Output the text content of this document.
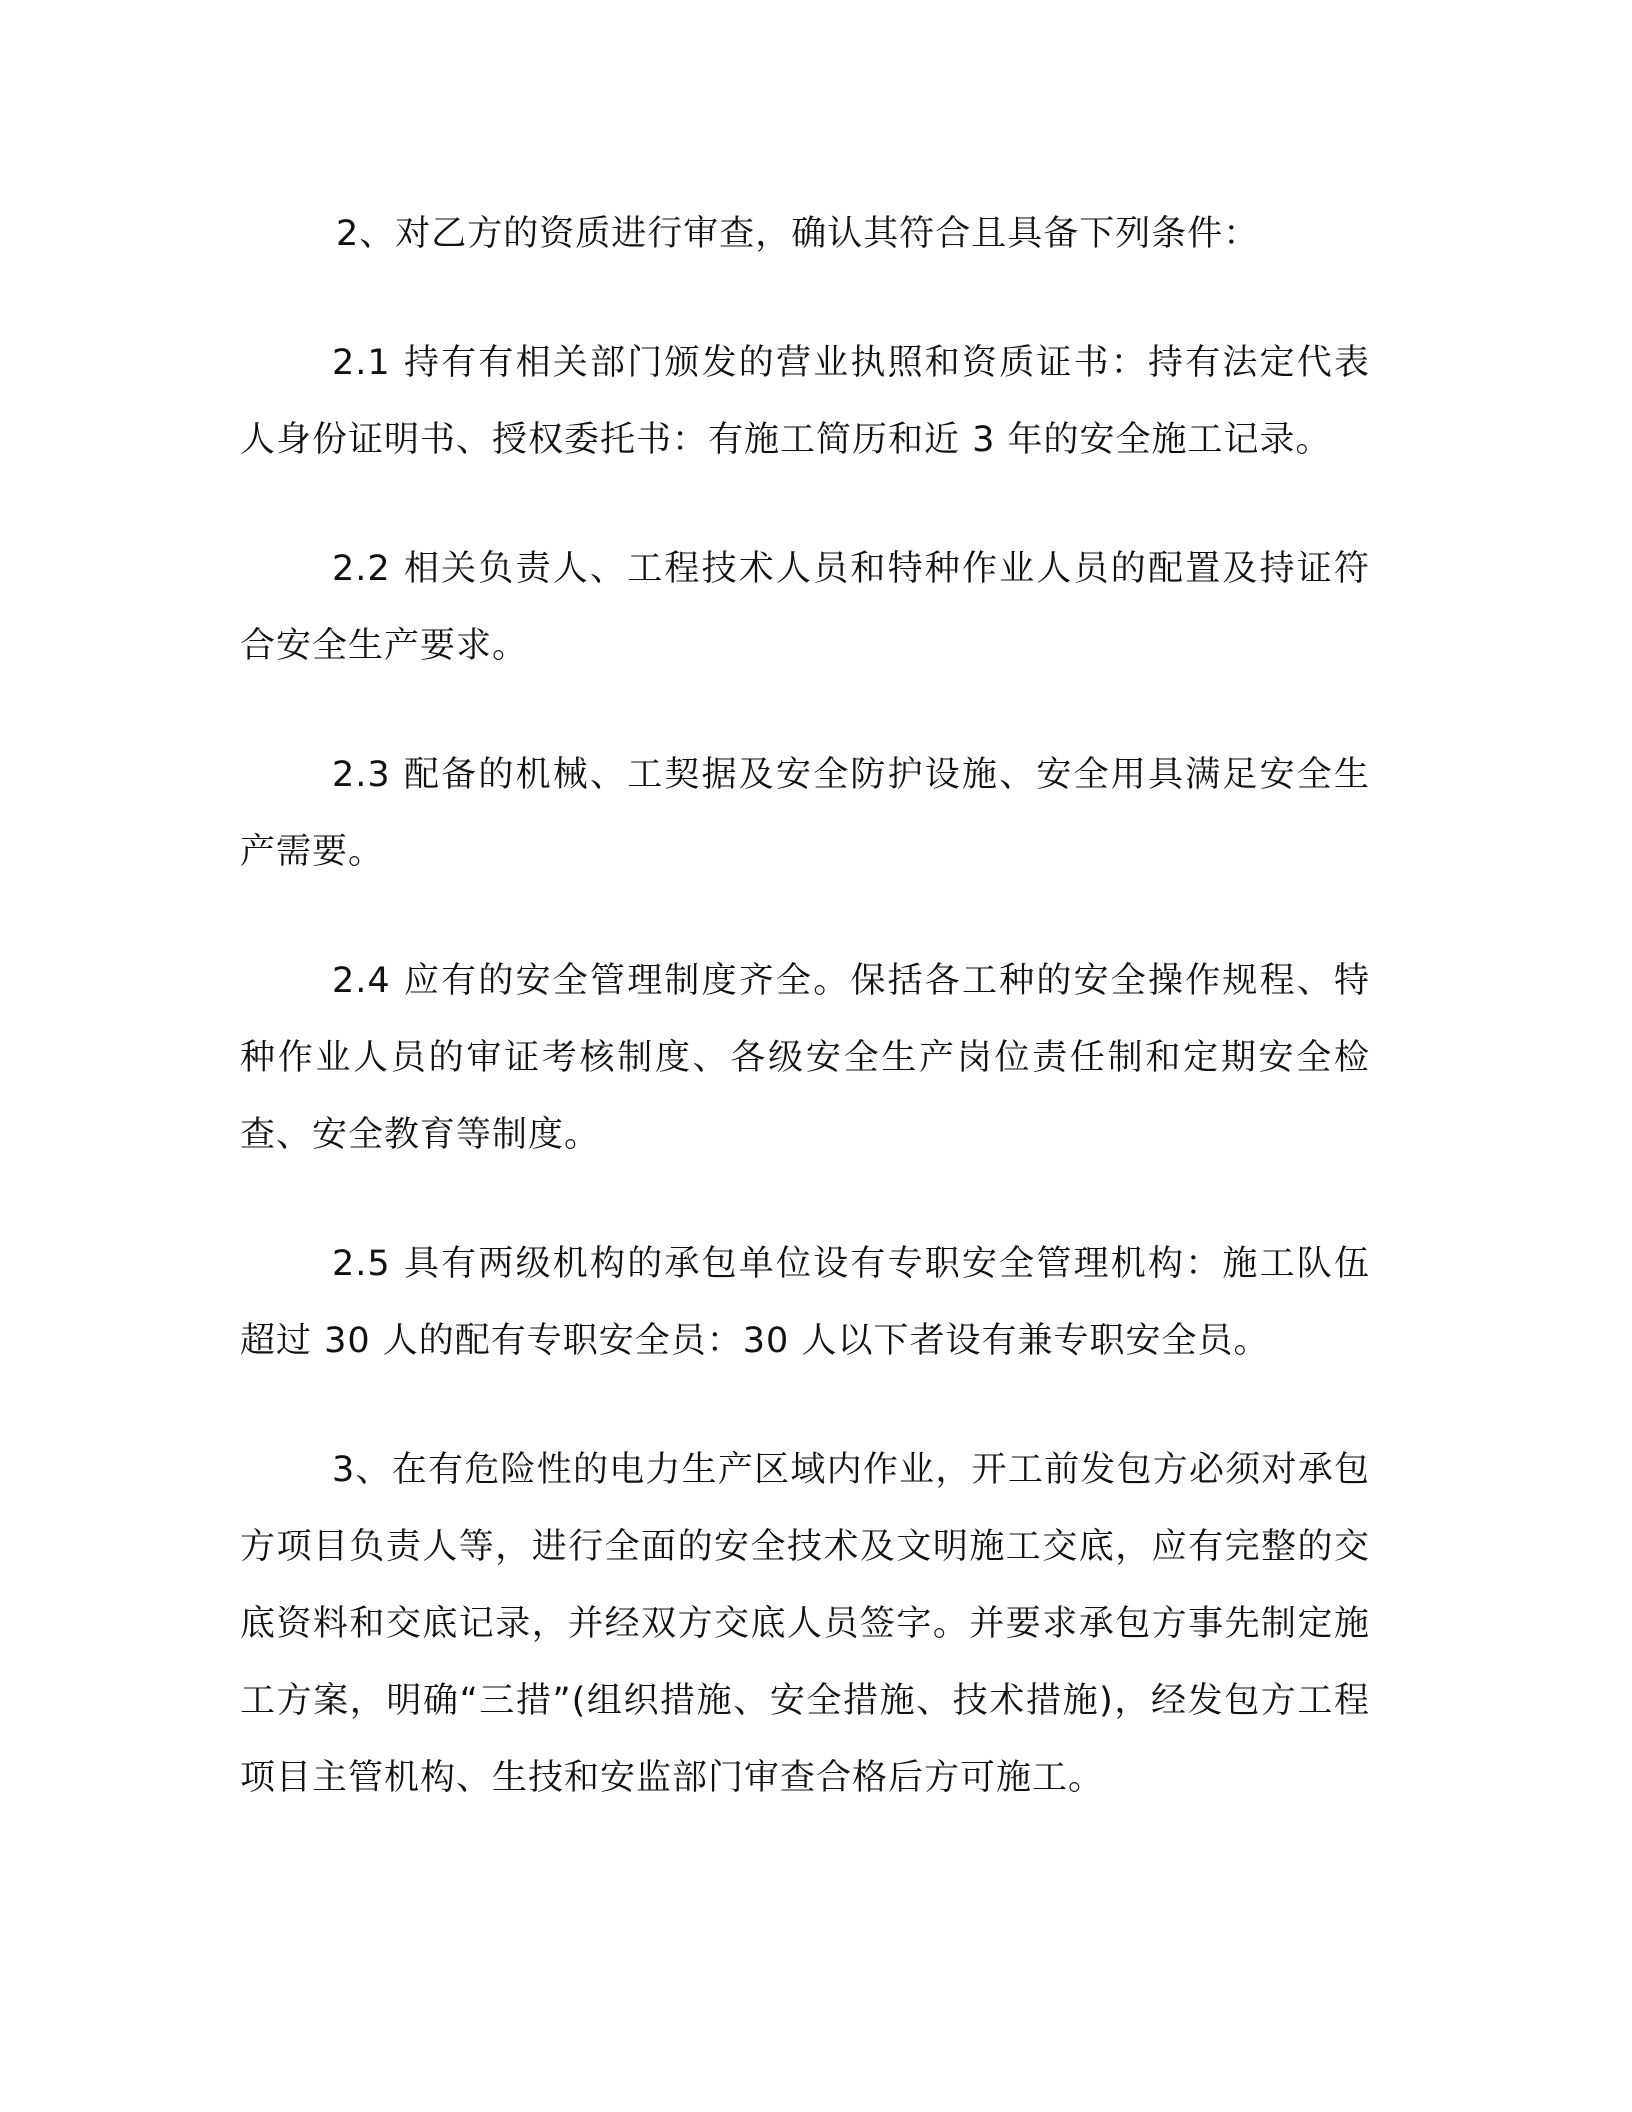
2、对乙方的资质进行审查，确认其符合且具备下列条件：

2.1 持有有相关部门颁发的营业执照和资质证书：持有法定代表人身份证明书、授权委托书：有施工简历和近 3 年的安全施工记录。

2.2 相关负责人、工程技术人员和特种作业人员的配置及持证符合安全生产要求。

2.3 配备的机械、工契据及安全防护设施、安全用具满足安全生产需要。

2.4 应有的安全管理制度齐全。保括各工种的安全操作规程、特种作业人员的审证考核制度、各级安全生产岗位责任制和定期安全检查、安全教育等制度。

2.5 具有两级机构的承包单位设有专职安全管理机构：施工队伍超过 30 人的配有专职安全员：30 人以下者设有兼专职安全员。

3、在有危险性的电力生产区域内作业，开工前发包方必须对承包方项目负责人等，进行全面的安全技术及文明施工交底，应有完整的交底资料和交底记录，并经双方交底人员签字。并要求承包方事先制定施工方案，明确“三措”(组织措施、安全措施、技术措施)，经发包方工程项目主管机构、生技和安监部门审查合格后方可施工。
